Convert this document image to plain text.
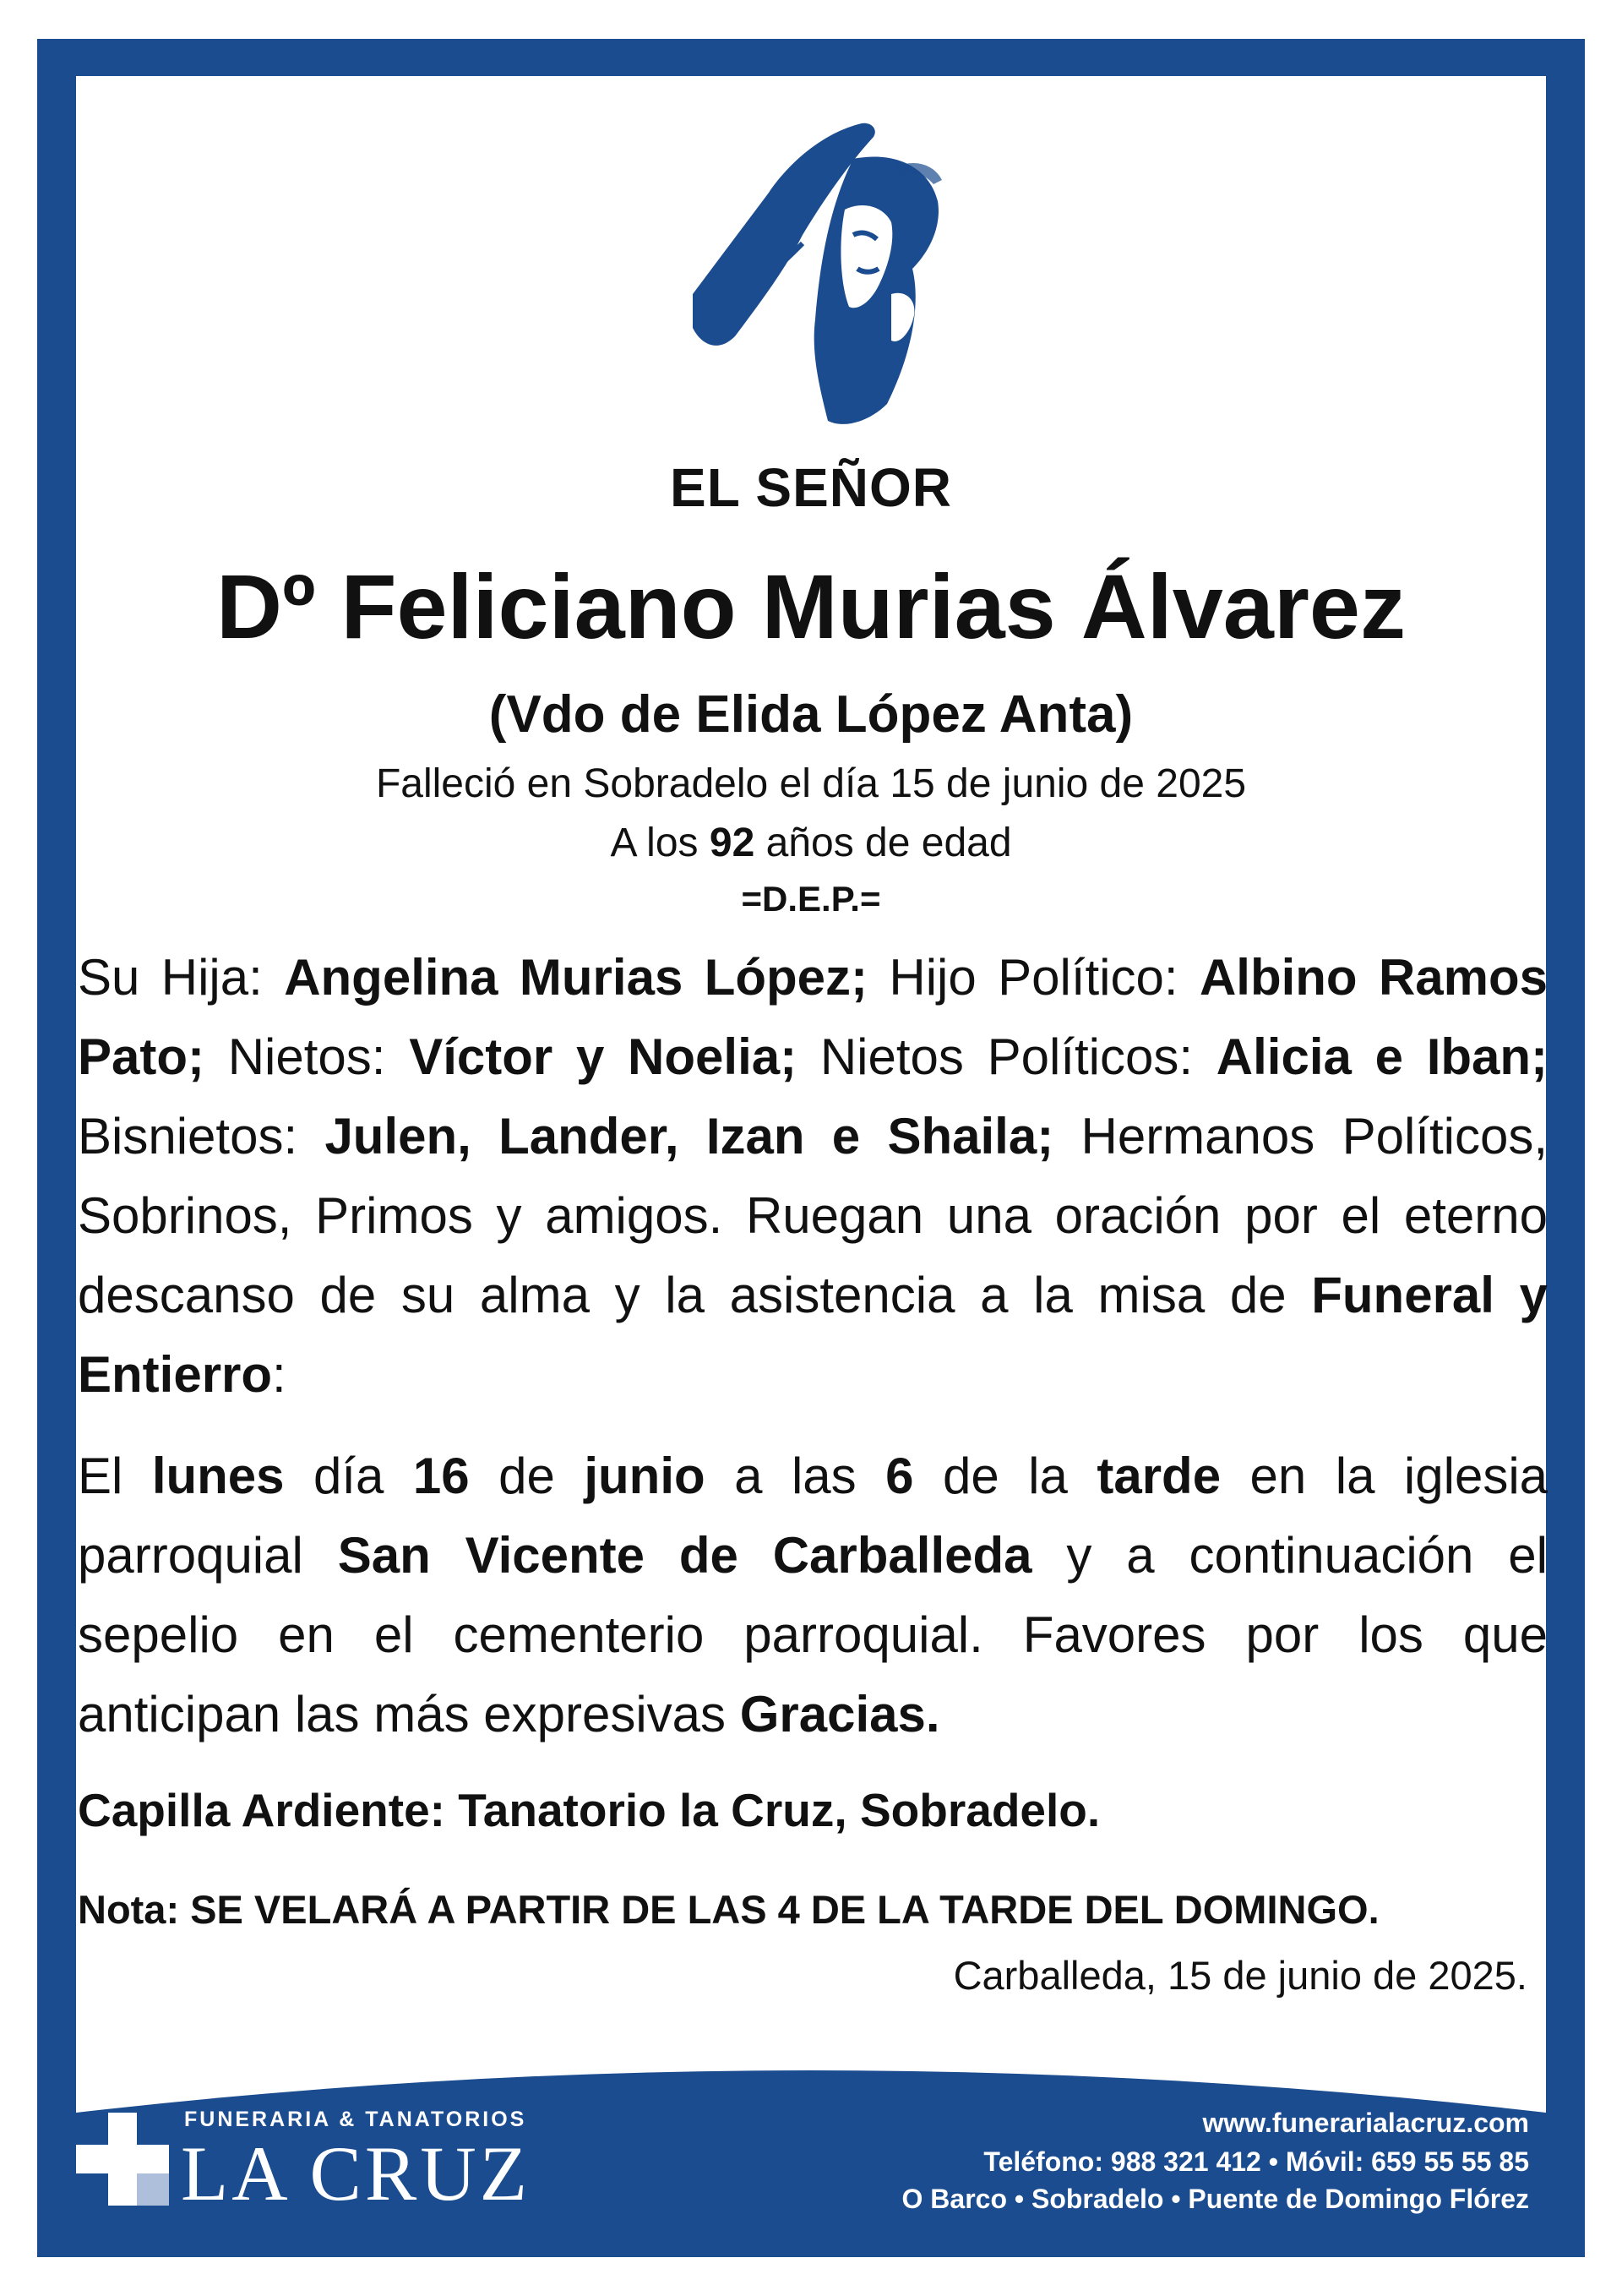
EL SEÑOR

Dº Feliciano Murias Álvarez

(Vdo de Elida López Anta)

Falleció en Sobradelo el día 15 de junio de 2025

A los 92 años de edad

=D.E.P.=

Su Hija: Angelina Murias López; Hijo Político: Albino Ramos Pato; Nietos: Víctor y Noelia; Nietos Políticos: Alicia e Iban; Bisnietos: Julen, Lander, Izan e Shaila; Hermanos Políticos, Sobrinos, Primos y amigos. Ruegan una oración por el eterno descanso de su alma y la asistencia a la misa de Funeral y Entierro:

El lunes día 16 de junio a las 6 de la tarde en la iglesia parroquial San Vicente de Carballeda y a continuación el sepelio en el cementerio parroquial. Favores por los que anticipan las más expresivas Gracias.

Capilla Ardiente: Tanatorio la Cruz, Sobradelo.

Nota: SE VELARÁ A PARTIR DE LAS 4 DE LA TARDE DEL DOMINGO.

Carballeda, 15 de junio de 2025.

FUNERARIA & TANATORIOS
LA CRUZ

www.funerarialacruz.com

Teléfono: 988 321 412 • Móvil: 659 55 55 85

O Barco • Sobradelo • Puente de Domingo Flórez
